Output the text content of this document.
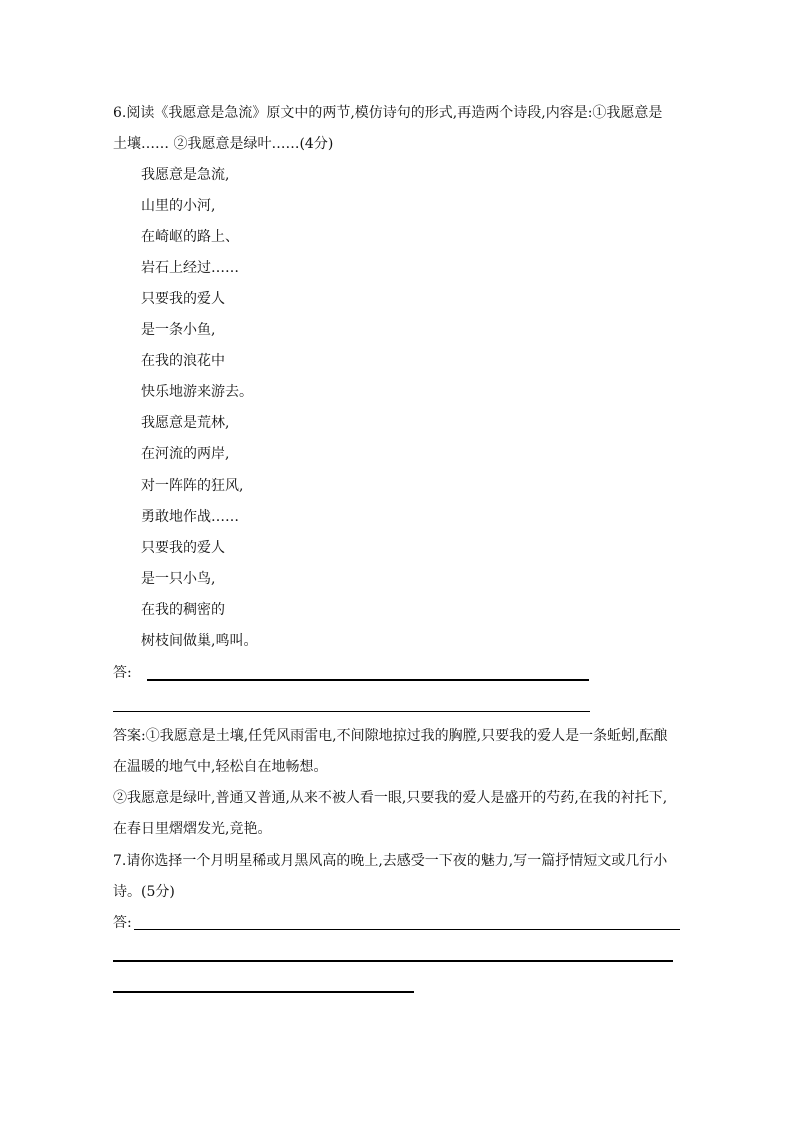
6.阅读《我愿意是急流》原文中的两节,模仿诗句的形式,再造两个诗段,内容是:①我愿意是
土壤…… ②我愿意是绿叶……(4分)
我愿意是急流,
山里的小河,
在崎岖的路上、
岩石上经过……
只要我的爱人
是一条小鱼,
在我的浪花中
快乐地游来游去。
我愿意是荒林,
在河流的两岸,
对一阵阵的狂风,
勇敢地作战……
只要我的爱人
是一只小鸟,
在我的稠密的
树枝间做巢,鸣叫。
答:
答案:①我愿意是土壤,任凭风雨雷电,不间隙地掠过我的胸膛,只要我的爱人是一条蚯蚓,酝酿
在温暖的地气中,轻松自在地畅想。
②我愿意是绿叶,普通又普通,从来不被人看一眼,只要我的爱人是盛开的芍药,在我的衬托下,
在春日里熠熠发光,竞艳。
7.请你选择一个月明星稀或月黑风高的晚上,去感受一下夜的魅力,写一篇抒情短文或几行小
诗。(5分)
答:
